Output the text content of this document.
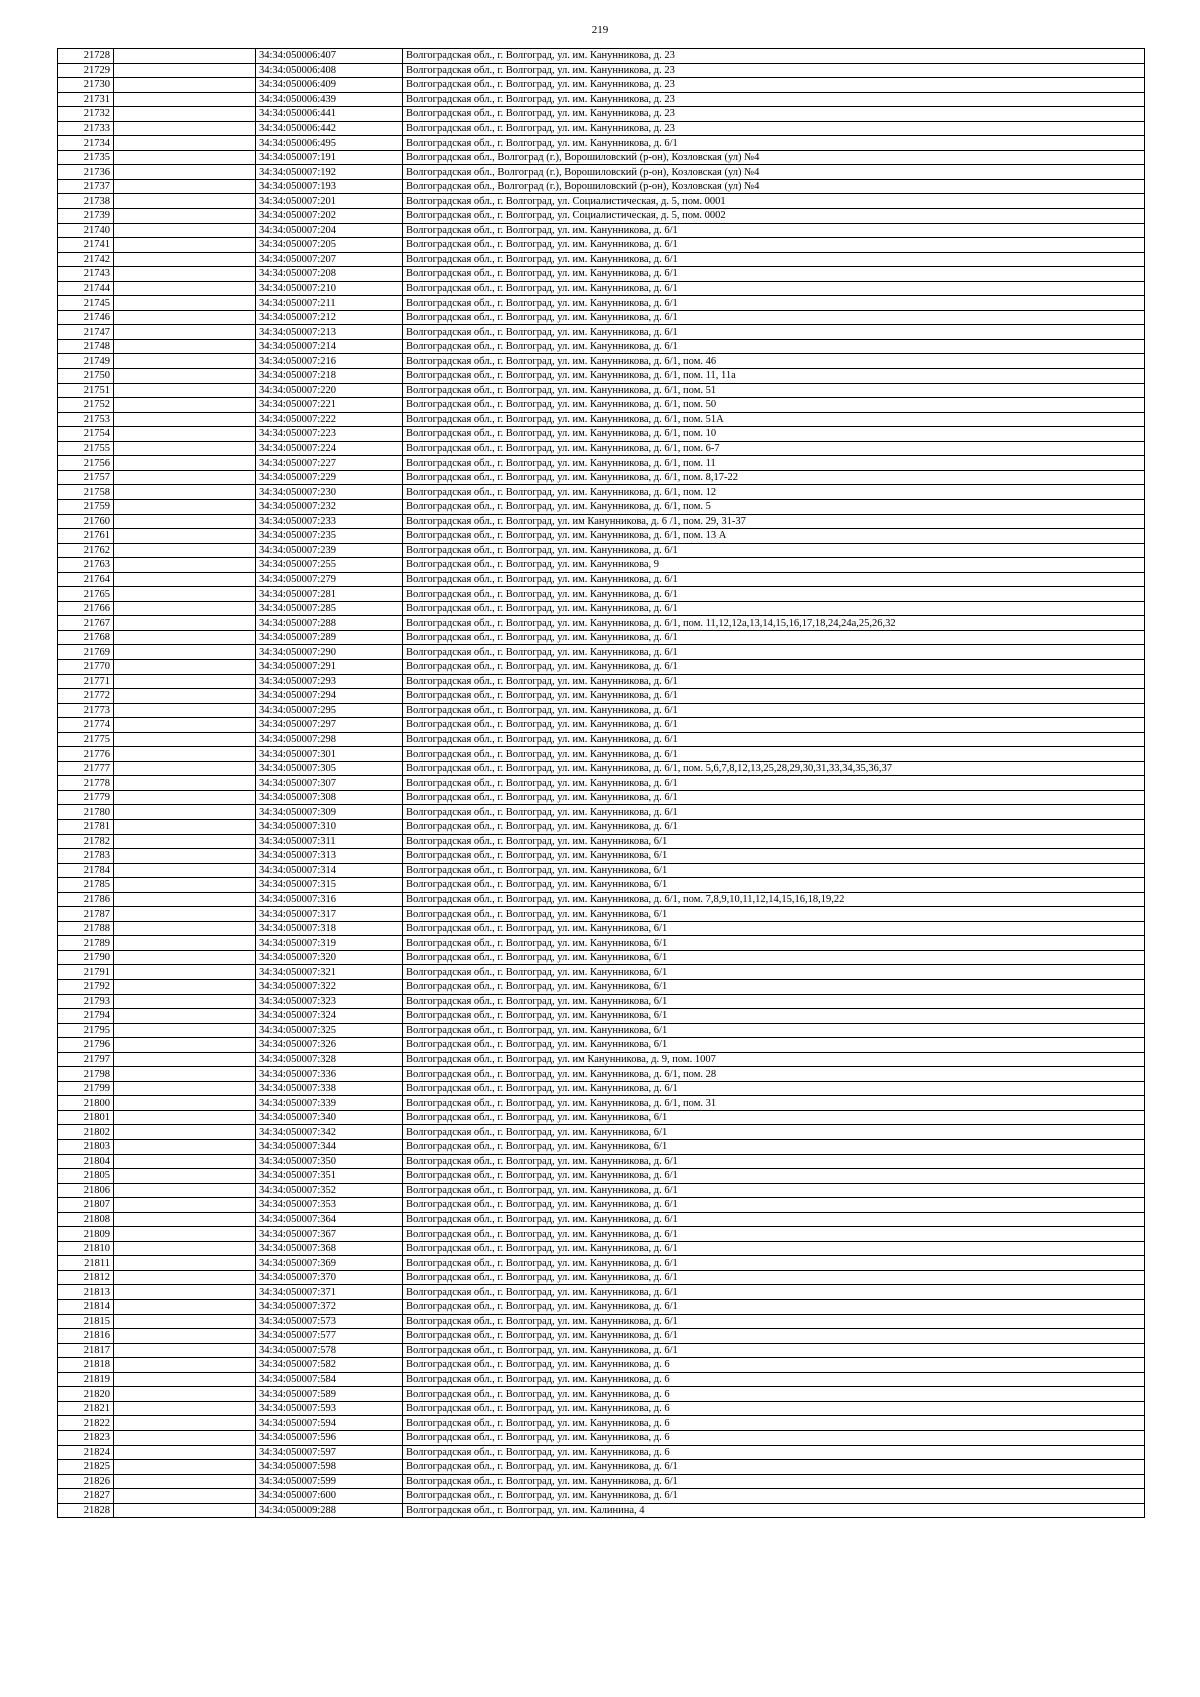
219
21728		34:34:050006:407	Волгоградская обл., г. Волгоград, ул. им. Канунникова, д. 23
21729		34:34:050006:408	Волгоградская обл., г. Волгоград, ул. им. Канунникова, д. 23
21730		34:34:050006:409	Волгоградская обл., г. Волгоград, ул. им. Канунникова, д. 23
21731		34:34:050006:439	Волгоградская обл., г. Волгоград, ул. им. Канунникова, д. 23
21732		34:34:050006:441	Волгоградская обл., г. Волгоград, ул. им. Канунникова, д. 23
21733		34:34:050006:442	Волгоградская обл., г. Волгоград, ул. им. Канунникова, д. 23
21734		34:34:050006:495	Волгоградская обл., г. Волгоград, ул. им. Канунникова, д. 6/1
21735		34:34:050007:191	Волгоградская обл., Волгоград (г.), Ворошиловский (р-он), Козловская (ул) №4
21736		34:34:050007:192	Волгоградская обл., Волгоград (г.), Ворошиловский (р-он), Козловская (ул) №4
21737		34:34:050007:193	Волгоградская обл., Волгоград (г.), Ворошиловский (р-он), Козловская (ул) №4
21738		34:34:050007:201	Волгоградская обл., г. Волгоград, ул. Социалистическая, д. 5, пом. 0001
21739		34:34:050007:202	Волгоградская обл., г. Волгоград, ул. Социалистическая, д. 5, пом. 0002
21740		34:34:050007:204	Волгоградская обл., г. Волгоград, ул. им. Канунникова, д. 6/1
21741		34:34:050007:205	Волгоградская обл., г. Волгоград, ул. им. Канунникова, д. 6/1
21742		34:34:050007:207	Волгоградская обл., г. Волгоград, ул. им. Канунникова, д. 6/1
21743		34:34:050007:208	Волгоградская обл., г. Волгоград, ул. им. Канунникова, д. 6/1
21744		34:34:050007:210	Волгоградская обл., г. Волгоград, ул. им. Канунникова, д. 6/1
21745		34:34:050007:211	Волгоградская обл., г. Волгоград, ул. им. Канунникова, д. 6/1
21746		34:34:050007:212	Волгоградская обл., г. Волгоград, ул. им. Канунникова, д. 6/1
21747		34:34:050007:213	Волгоградская обл., г. Волгоград, ул. им. Канунникова, д. 6/1
21748		34:34:050007:214	Волгоградская обл., г. Волгоград, ул. им. Канунникова, д. 6/1
21749		34:34:050007:216	Волгоградская обл., г. Волгоград, ул. им. Канунникова, д. 6/1, пом. 46
21750		34:34:050007:218	Волгоградская обл., г. Волгоград, ул. им. Канунникова, д. 6/1, пом. 11, 11а
21751		34:34:050007:220	Волгоградская обл., г. Волгоград, ул. им. Канунникова, д. 6/1, пом. 51
21752		34:34:050007:221	Волгоградская обл., г. Волгоград, ул. им. Канунникова, д. 6/1, пом. 50
21753		34:34:050007:222	Волгоградская обл., г. Волгоград, ул. им. Канунникова, д. 6/1, пом. 51А
21754		34:34:050007:223	Волгоградская обл., г. Волгоград, ул. им. Канунникова, д. 6/1, пом. 10
21755		34:34:050007:224	Волгоградская обл., г. Волгоград, ул. им. Канунникова, д. 6/1, пом. 6-7
21756		34:34:050007:227	Волгоградская обл., г. Волгоград, ул. им. Канунникова, д. 6/1, пом. 11
21757		34:34:050007:229	Волгоградская обл., г. Волгоград, ул. им. Канунникова, д. 6/1, пом. 8,17-22
21758		34:34:050007:230	Волгоградская обл., г. Волгоград, ул. им. Канунникова, д. 6/1, пом. 12
21759		34:34:050007:232	Волгоградская обл., г. Волгоград, ул. им. Канунникова, д. 6/1, пом. 5
21760		34:34:050007:233	Волгоградская обл., г. Волгоград, ул. им Канунникова, д. 6 /1, пом. 29, 31-37
21761		34:34:050007:235	Волгоградская обл., г. Волгоград, ул. им. Канунникова, д. 6/1, пом. 13 А
21762		34:34:050007:239	Волгоградская обл., г. Волгоград, ул. им. Канунникова, д. 6/1
21763		34:34:050007:255	Волгоградская обл., г. Волгоград, ул. им. Канунникова, 9
21764		34:34:050007:279	Волгоградская обл., г. Волгоград, ул. им. Канунникова, д. 6/1
21765		34:34:050007:281	Волгоградская обл., г. Волгоград, ул. им. Канунникова, д. 6/1
21766		34:34:050007:285	Волгоградская обл., г. Волгоград, ул. им. Канунникова, д. 6/1
21767		34:34:050007:288	Волгоградская обл., г. Волгоград, ул. им. Канунникова, д. 6/1, пом. 11,12,12а,13,14,15,16,17,18,24,24а,25,26,32
21768		34:34:050007:289	Волгоградская обл., г. Волгоград, ул. им. Канунникова, д. 6/1
21769		34:34:050007:290	Волгоградская обл., г. Волгоград, ул. им. Канунникова, д. 6/1
21770		34:34:050007:291	Волгоградская обл., г. Волгоград, ул. им. Канунникова, д. 6/1
21771		34:34:050007:293	Волгоградская обл., г. Волгоград, ул. им. Канунникова, д. 6/1
21772		34:34:050007:294	Волгоградская обл., г. Волгоград, ул. им. Канунникова, д. 6/1
21773		34:34:050007:295	Волгоградская обл., г. Волгоград, ул. им. Канунникова, д. 6/1
21774		34:34:050007:297	Волгоградская обл., г. Волгоград, ул. им. Канунникова, д. 6/1
21775		34:34:050007:298	Волгоградская обл., г. Волгоград, ул. им. Канунникова, д. 6/1
21776		34:34:050007:301	Волгоградская обл., г. Волгоград, ул. им. Канунникова, д. 6/1
21777		34:34:050007:305	Волгоградская обл., г. Волгоград, ул. им. Канунникова, д. 6/1, пом. 5,6,7,8,12,13,25,28,29,30,31,33,34,35,36,37
21778		34:34:050007:307	Волгоградская обл., г. Волгоград, ул. им. Канунникова, д. 6/1
21779		34:34:050007:308	Волгоградская обл., г. Волгоград, ул. им. Канунникова, д. 6/1
21780		34:34:050007:309	Волгоградская обл., г. Волгоград, ул. им. Канунникова, д. 6/1
21781		34:34:050007:310	Волгоградская обл., г. Волгоград, ул. им. Канунникова, д. 6/1
21782		34:34:050007:311	Волгоградская обл., г. Волгоград, ул. им. Канунникова, 6/1
21783		34:34:050007:313	Волгоградская обл., г. Волгоград, ул. им. Канунникова, 6/1
21784		34:34:050007:314	Волгоградская обл., г. Волгоград, ул. им. Канунникова, 6/1
21785		34:34:050007:315	Волгоградская обл., г. Волгоград, ул. им. Канунникова, 6/1
21786		34:34:050007:316	Волгоградская обл., г. Волгоград, ул. им. Канунникова, д. 6/1, пом. 7,8,9,10,11,12,14,15,16,18,19,22
21787		34:34:050007:317	Волгоградская обл., г. Волгоград, ул. им. Канунникова, 6/1
21788		34:34:050007:318	Волгоградская обл., г. Волгоград, ул. им. Канунникова, 6/1
21789		34:34:050007:319	Волгоградская обл., г. Волгоград, ул. им. Канунникова, 6/1
21790		34:34:050007:320	Волгоградская обл., г. Волгоград, ул. им. Канунникова, 6/1
21791		34:34:050007:321	Волгоградская обл., г. Волгоград, ул. им. Канунникова, 6/1
21792		34:34:050007:322	Волгоградская обл., г. Волгоград, ул. им. Канунникова, 6/1
21793		34:34:050007:323	Волгоградская обл., г. Волгоград, ул. им. Канунникова, 6/1
21794		34:34:050007:324	Волгоградская обл., г. Волгоград, ул. им. Канунникова, 6/1
21795		34:34:050007:325	Волгоградская обл., г. Волгоград, ул. им. Канунникова, 6/1
21796		34:34:050007:326	Волгоградская обл., г. Волгоград, ул. им. Канунникова, 6/1
21797		34:34:050007:328	Волгоградская обл., г. Волгоград, ул. им Канунникова, д. 9, пом. 1007
21798		34:34:050007:336	Волгоградская обл., г. Волгоград, ул. им. Канунникова, д. 6/1, пом. 28
21799		34:34:050007:338	Волгоградская обл., г. Волгоград, ул. им. Канунникова, д. 6/1
21800		34:34:050007:339	Волгоградская обл., г. Волгоград, ул. им. Канунникова, д. 6/1, пом. 31
21801		34:34:050007:340	Волгоградская обл., г. Волгоград, ул. им. Канунникова, 6/1
21802		34:34:050007:342	Волгоградская обл., г. Волгоград, ул. им. Канунникова, 6/1
21803		34:34:050007:344	Волгоградская обл., г. Волгоград, ул. им. Канунникова, 6/1
21804		34:34:050007:350	Волгоградская обл., г. Волгоград, ул. им. Канунникова, д. 6/1
21805		34:34:050007:351	Волгоградская обл., г. Волгоград, ул. им. Канунникова, д. 6/1
21806		34:34:050007:352	Волгоградская обл., г. Волгоград, ул. им. Канунникова, д. 6/1
21807		34:34:050007:353	Волгоградская обл., г. Волгоград, ул. им. Канунникова, д. 6/1
21808		34:34:050007:364	Волгоградская обл., г. Волгоград, ул. им. Канунникова, д. 6/1
21809		34:34:050007:367	Волгоградская обл., г. Волгоград, ул. им. Канунникова, д. 6/1
21810		34:34:050007:368	Волгоградская обл., г. Волгоград, ул. им. Канунникова, д. 6/1
21811		34:34:050007:369	Волгоградская обл., г. Волгоград, ул. им. Канунникова, д. 6/1
21812		34:34:050007:370	Волгоградская обл., г. Волгоград, ул. им. Канунникова, д. 6/1
21813		34:34:050007:371	Волгоградская обл., г. Волгоград, ул. им. Канунникова, д. 6/1
21814		34:34:050007:372	Волгоградская обл., г. Волгоград, ул. им. Канунникова, д. 6/1
21815		34:34:050007:573	Волгоградская обл., г. Волгоград, ул. им. Канунникова, д. 6/1
21816		34:34:050007:577	Волгоградская обл., г. Волгоград, ул. им. Канунникова, д. 6/1
21817		34:34:050007:578	Волгоградская обл., г. Волгоград, ул. им. Канунникова, д. 6/1
21818		34:34:050007:582	Волгоградская обл., г. Волгоград, ул. им. Канунникова, д. 6
21819		34:34:050007:584	Волгоградская обл., г. Волгоград, ул. им. Канунникова, д. 6
21820		34:34:050007:589	Волгоградская обл., г. Волгоград, ул. им. Канунникова, д. 6
21821		34:34:050007:593	Волгоградская обл., г. Волгоград, ул. им. Канунникова, д. 6
21822		34:34:050007:594	Волгоградская обл., г. Волгоград, ул. им. Канунникова, д. 6
21823		34:34:050007:596	Волгоградская обл., г. Волгоград, ул. им. Канунникова, д. 6
21824		34:34:050007:597	Волгоградская обл., г. Волгоград, ул. им. Канунникова, д. 6
21825		34:34:050007:598	Волгоградская обл., г. Волгоград, ул. им. Канунникова, д. 6/1
21826		34:34:050007:599	Волгоградская обл., г. Волгоград, ул. им. Канунникова, д. 6/1
21827		34:34:050007:600	Волгоградская обл., г. Волгоград, ул. им. Канунникова, д. 6/1
21828		34:34:050009:288	Волгоградская обл., г. Волгоград, ул. им. Калинина, 4
